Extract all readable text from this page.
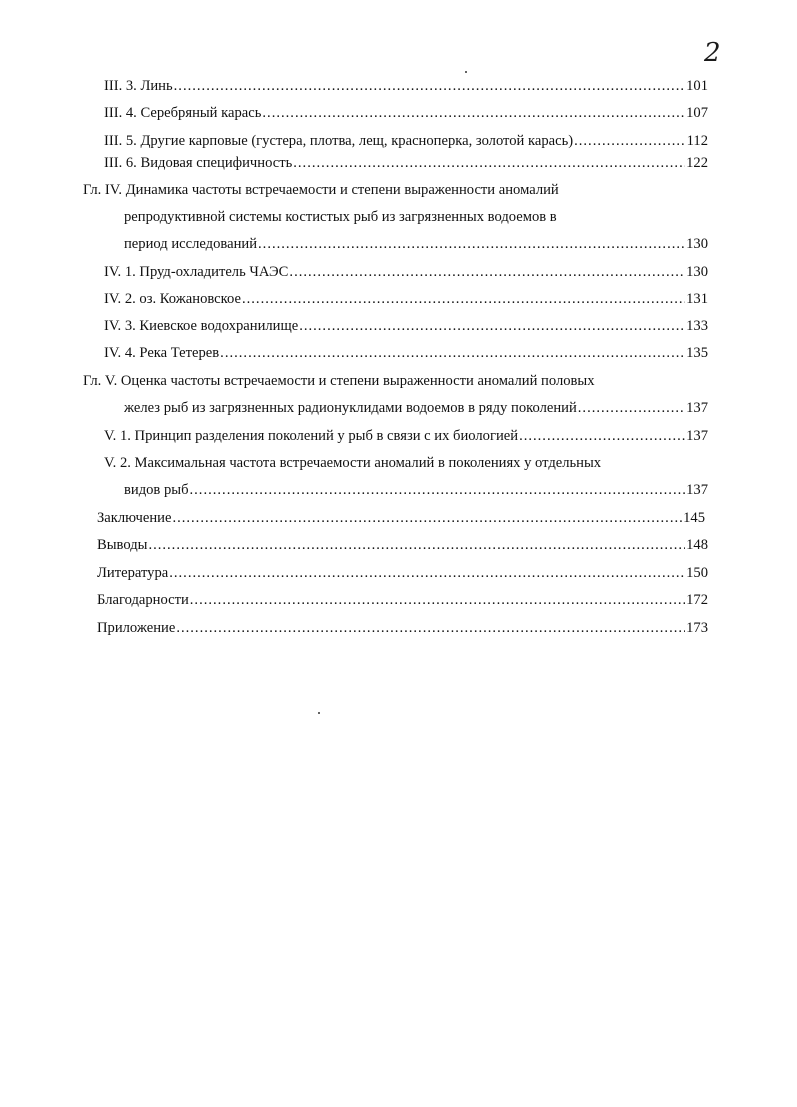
2
III. 3. Линь .....	101
III. 4. Серебряный карась .....	107
III. 5. Другие карповые (густера, плотва, лещ, красноперка, золотой карась) .....	112
III. 6. Видовая специфичность .....	122
Гл. IV. Динамика частоты встречаемости и степени выраженности аномалий
репродуктивной системы костистых рыб из загрязненных водоемов в
период исследований .....	130
IV. 1. Пруд-охладитель ЧАЭС .....	130
IV. 2. оз. Кожановское .....	131
IV. 3. Киевское водохранилище .....	133
IV. 4. Река Тетерев .....	135
Гл. V. Оценка частоты встречаемости и степени выраженности аномалий половых
желез рыб из загрязненных радионуклидами водоемов в ряду поколений .....	137
V. 1. Принцип разделения поколений у рыб в связи с их биологией .....	137
V. 2. Максимальная частота встречаемости аномалий в поколениях у отдельных
видов рыб .....	137
Заключение .....	145
Выводы .....	148
Литература .....	150
Благодарности .....	172
Приложение .....	173
